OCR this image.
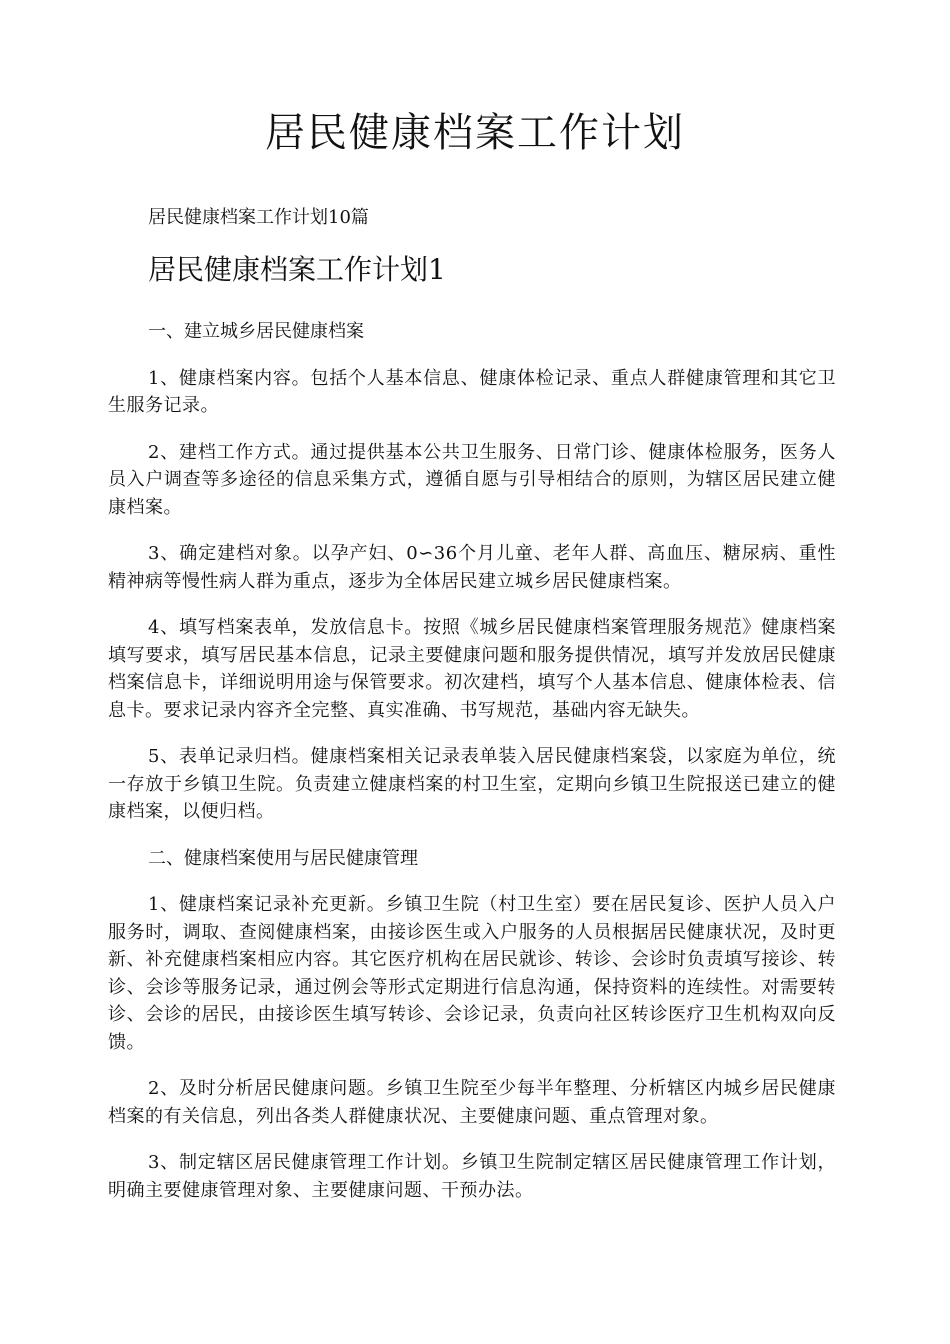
居民健康档案工作计划

居民健康档案工作计划10篇

居民健康档案工作计划1

一、建立城乡居民健康档案

1、健康档案内容。包括个人基本信息、健康体检记录、重点人群健康管理和其它卫生服务记录。

2、建档工作方式。通过提供基本公共卫生服务、日常门诊、健康体检服务，医务人员入户调查等多途径的信息采集方式，遵循自愿与引导相结合的原则，为辖区居民建立健康档案。

3、确定建档对象。以孕产妇、0∽36个月儿童、老年人群、高血压、糖尿病、重性精神病等慢性病人群为重点，逐步为全体居民建立城乡居民健康档案。

4、填写档案表单，发放信息卡。按照《城乡居民健康档案管理服务规范》健康档案填写要求，填写居民基本信息，记录主要健康问题和服务提供情况，填写并发放居民健康档案信息卡，详细说明用途与保管要求。初次建档，填写个人基本信息、健康体检表、信息卡。要求记录内容齐全完整、真实准确、书写规范，基础内容无缺失。

5、表单记录归档。健康档案相关记录表单装入居民健康档案袋，以家庭为单位，统一存放于乡镇卫生院。负责建立健康档案的村卫生室，定期向乡镇卫生院报送已建立的健康档案，以便归档。

二、健康档案使用与居民健康管理

1、健康档案记录补充更新。乡镇卫生院（村卫生室）要在居民复诊、医护人员入户服务时，调取、查阅健康档案，由接诊医生或入户服务的人员根据居民健康状况，及时更新、补充健康档案相应内容。其它医疗机构在居民就诊、转诊、会诊时负责填写接诊、转诊、会诊等服务记录，通过例会等形式定期进行信息沟通，保持资料的连续性。对需要转诊、会诊的居民，由接诊医生填写转诊、会诊记录，负责向社区转诊医疗卫生机构双向反馈。

2、及时分析居民健康问题。乡镇卫生院至少每半年整理、分析辖区内城乡居民健康档案的有关信息，列出各类人群健康状况、主要健康问题、重点管理对象。

3、制定辖区居民健康管理工作计划。乡镇卫生院制定辖区居民健康管理工作计划，明确主要健康管理对象、主要健康问题、干预办法。
